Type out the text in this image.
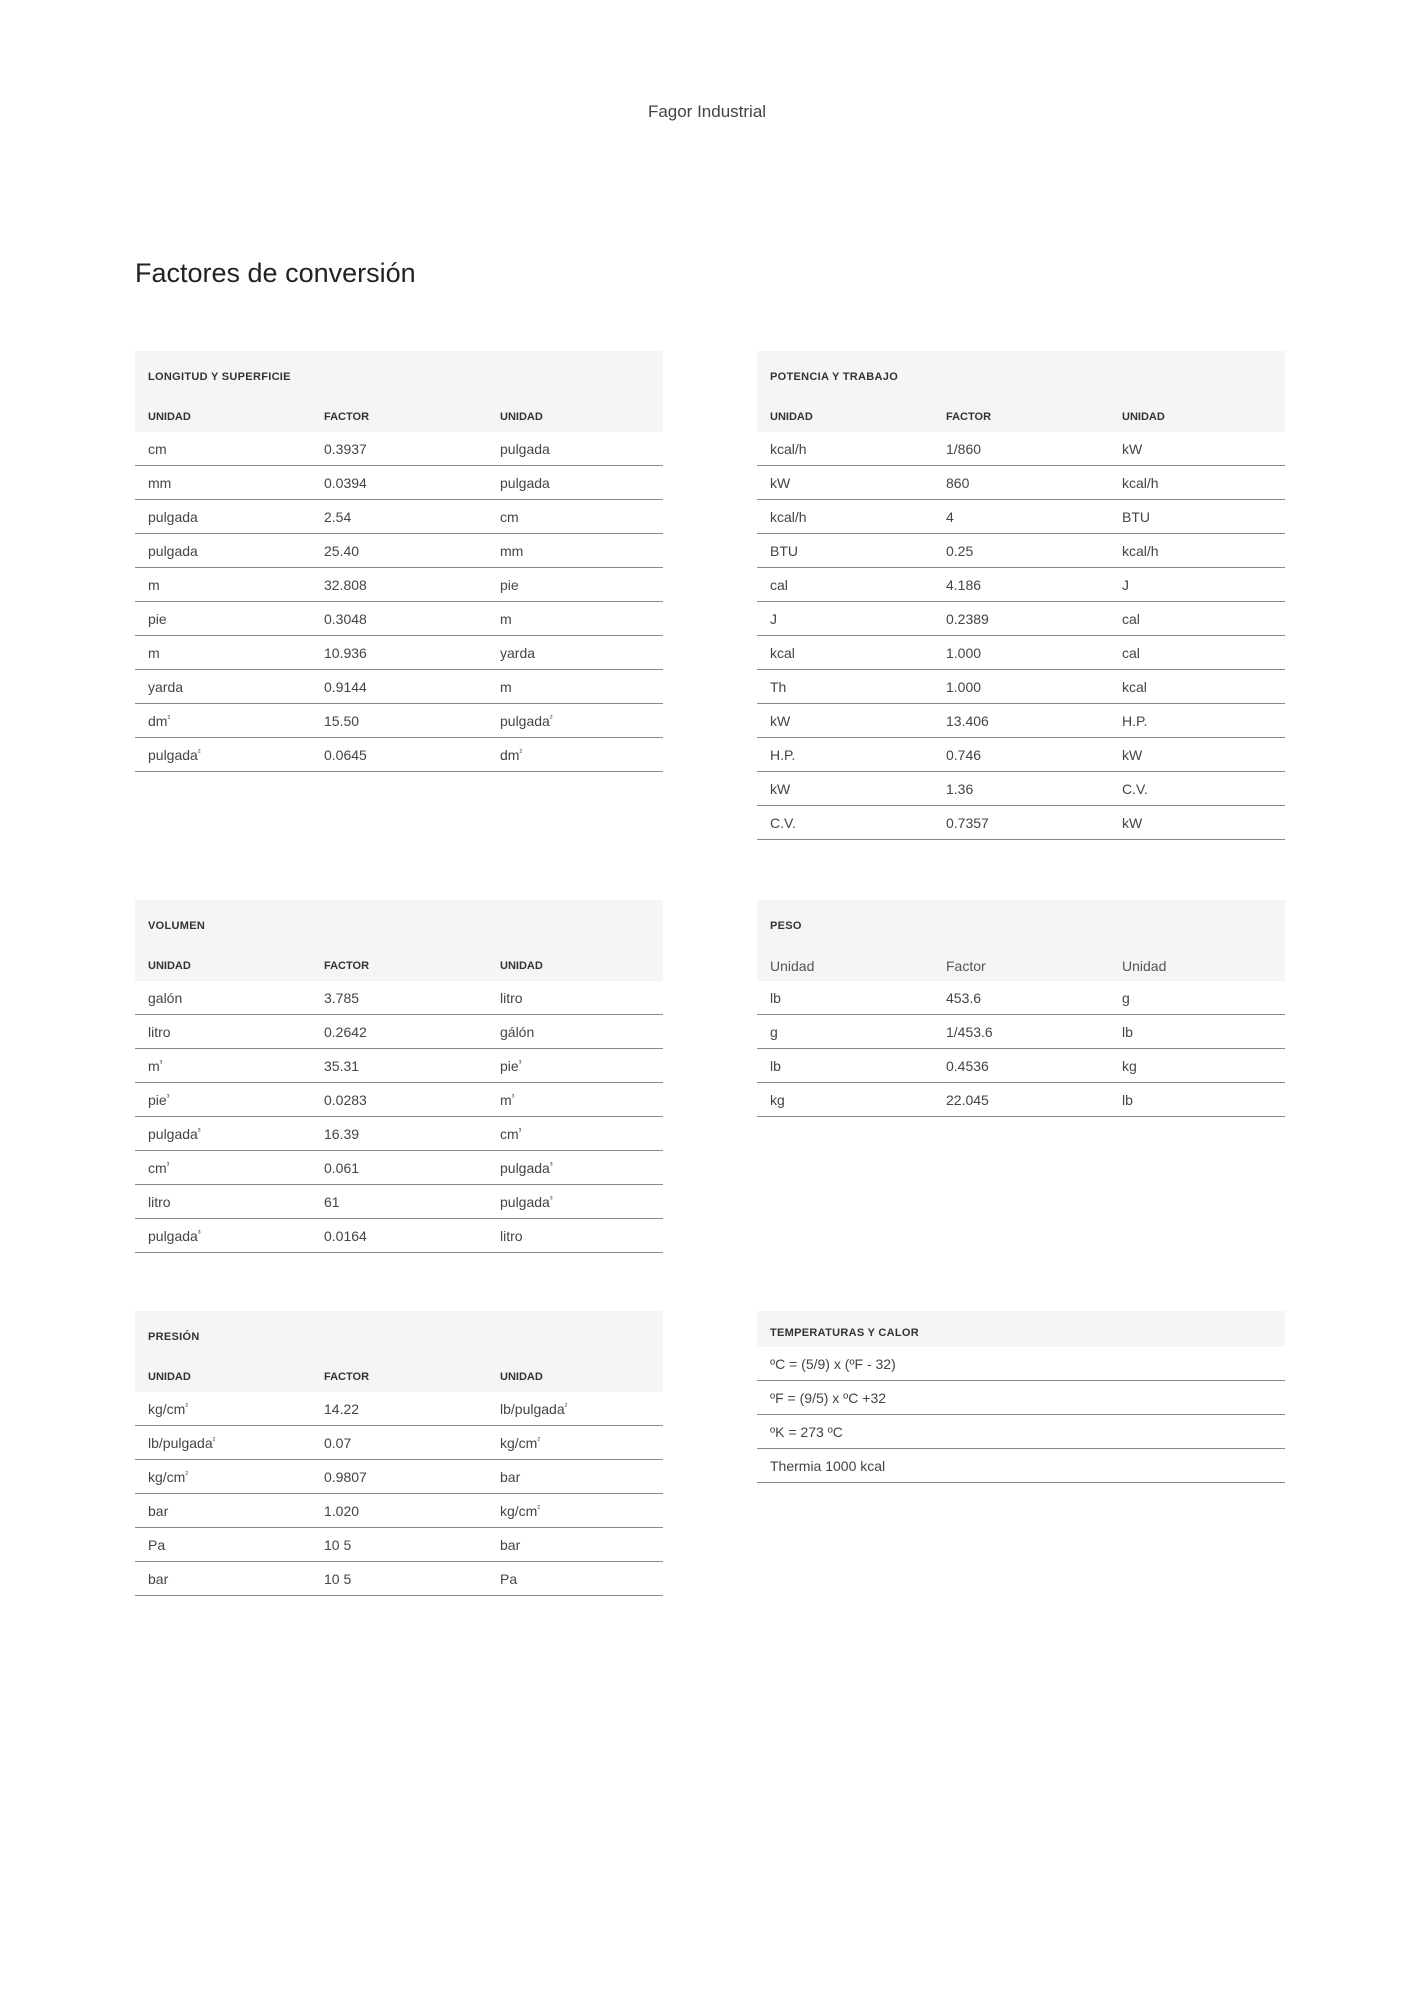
Fagor Industrial
Factores de conversión
LONGITUD Y SUPERFICIE
UNIDAD	FACTOR	UNIDAD
cm	0.3937	pulgada
mm	0.0394	pulgada
pulgada	2.54	cm
pulgada	25.40	mm
m	32.808	pie
pie	0.3048	m
m	10.936	yarda
yarda	0.9144	m
$dm^{^2}$	15.50	pulgada$^{^2}$
pulgada$^{^2}$	0.0645	$dm^{^2}$
POTENCIA Y TRABAJO
UNIDAD	FACTOR	UNIDAD
kcal/h	1/860	kW
kW	860	kcal/h
kcal/h	4	BTU
BTU	0.25	kcal/h
cal	4.186	J
J	0.2389	cal
kcal	1.000	cal
Th	1.000	kcal
kW	13.406	H.P.
H.P.	0.746	kW
kW	1.36	C.V.
C.V.	0.7357	kW
VOLUMEN
UNIDAD	FACTOR	UNIDAD
galón	3.785	litro
litro	0.2642	gálón
$m^{^3}$	35.31	pie$^{^3}$
pie$^{^3}$	0.0283	$m^{^3}$
pulgada$^{^3}$	16.39	$cm^{^3}$
$cm^{^3}$	0.061	pulgada$^{^3}$
litro	61	pulgada$^{^3}$
pulgada$^{^3}$	0.0164	litro
PESO
Unidad	Factor	Unidad
lb	453.6	g
g	1/453.6	lb
lb	0.4536	kg
kg	22.045	lb
PRESIÓN
UNIDAD	FACTOR	UNIDAD
$kg/cm^{^2}$	14.22	lb/pulgada$^{^2}$
lb/pulgada$^{^2}$	0.07	$kg/cm^{^2}$
$kg/cm^{^2}$	0.9807	bar
bar	1.020	$kg/cm^{^2}$
Pa	10 5	bar
bar	10 5	Pa
TEMPERATURAS Y CALOR
ºC = (5/9) x (ºF - 32)
ºF = (9/5) x ºC +32
ºK = 273 ºC
Thermia 1000 kcal
